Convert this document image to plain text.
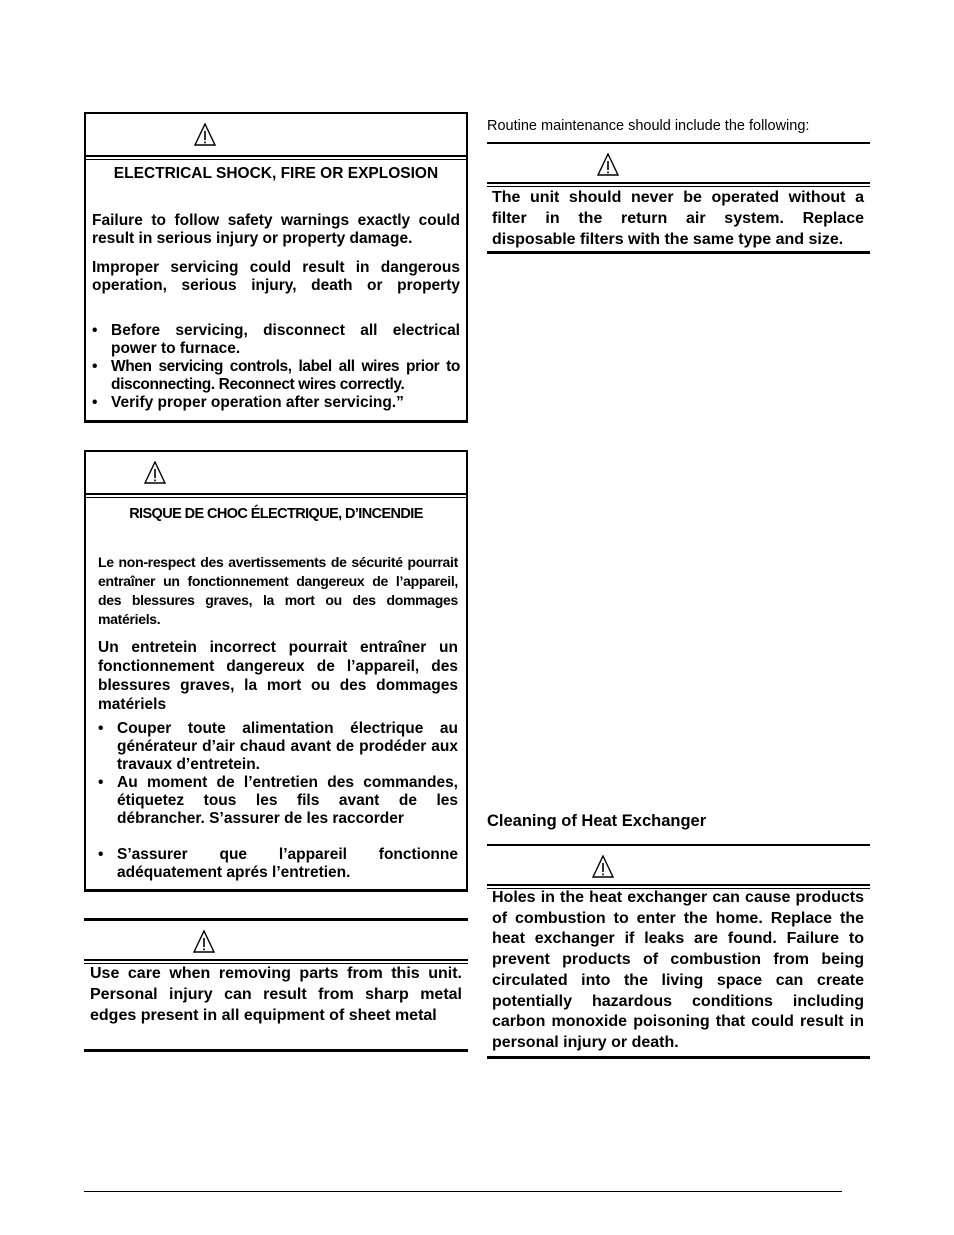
ELECTRICAL SHOCK, FIRE OR EXPLOSION
Failure to follow safety warnings exactly could result in serious injury or property damage.
Improper servicing could result in dangerous
operation, serious injury, death or property
• Before servicing, disconnect all electrical power to furnace.
• When servicing controls, label all wires prior to disconnecting. Reconnect wires correctly.
• Verify proper operation after servicing.”
RISQUE DE CHOC ÉLECTRIQUE, D’INCENDIE
Le non-respect des avertissements de sécurité pourrait entraîner un fonctionnement dangereux de l’appareil, des blessures graves, la mort ou des dommages matériels.
Un entretein incorrect pourrait entraîner un fonctionnement dangereux de l’appareil, des blessures graves, la mort ou des dommages matériels
• Couper toute alimentation électrique au générateur d’air chaud avant de prodéder aux travaux d’entretein.
• Au moment de l’entretien des commandes, étiquetez tous les fils avant de les débrancher. S’assurer de les raccorder
• S’assurer que l’appareil fonctionne adéquatement aprés l’entretien.
Use care when removing parts from this unit. Personal injury can result from sharp metal edges present in all equipment of sheet metal
Routine maintenance should include the following:
The unit should never be operated without a filter in the return air system. Replace disposable filters with the same type and size.
Cleaning of Heat Exchanger
Holes in the heat exchanger can cause products of combustion to enter the home. Replace the heat exchanger if leaks are found. Failure to prevent products of combustion from being circulated into the living space can create potentially hazardous conditions including carbon monoxide poisoning that could result in personal injury or death.
